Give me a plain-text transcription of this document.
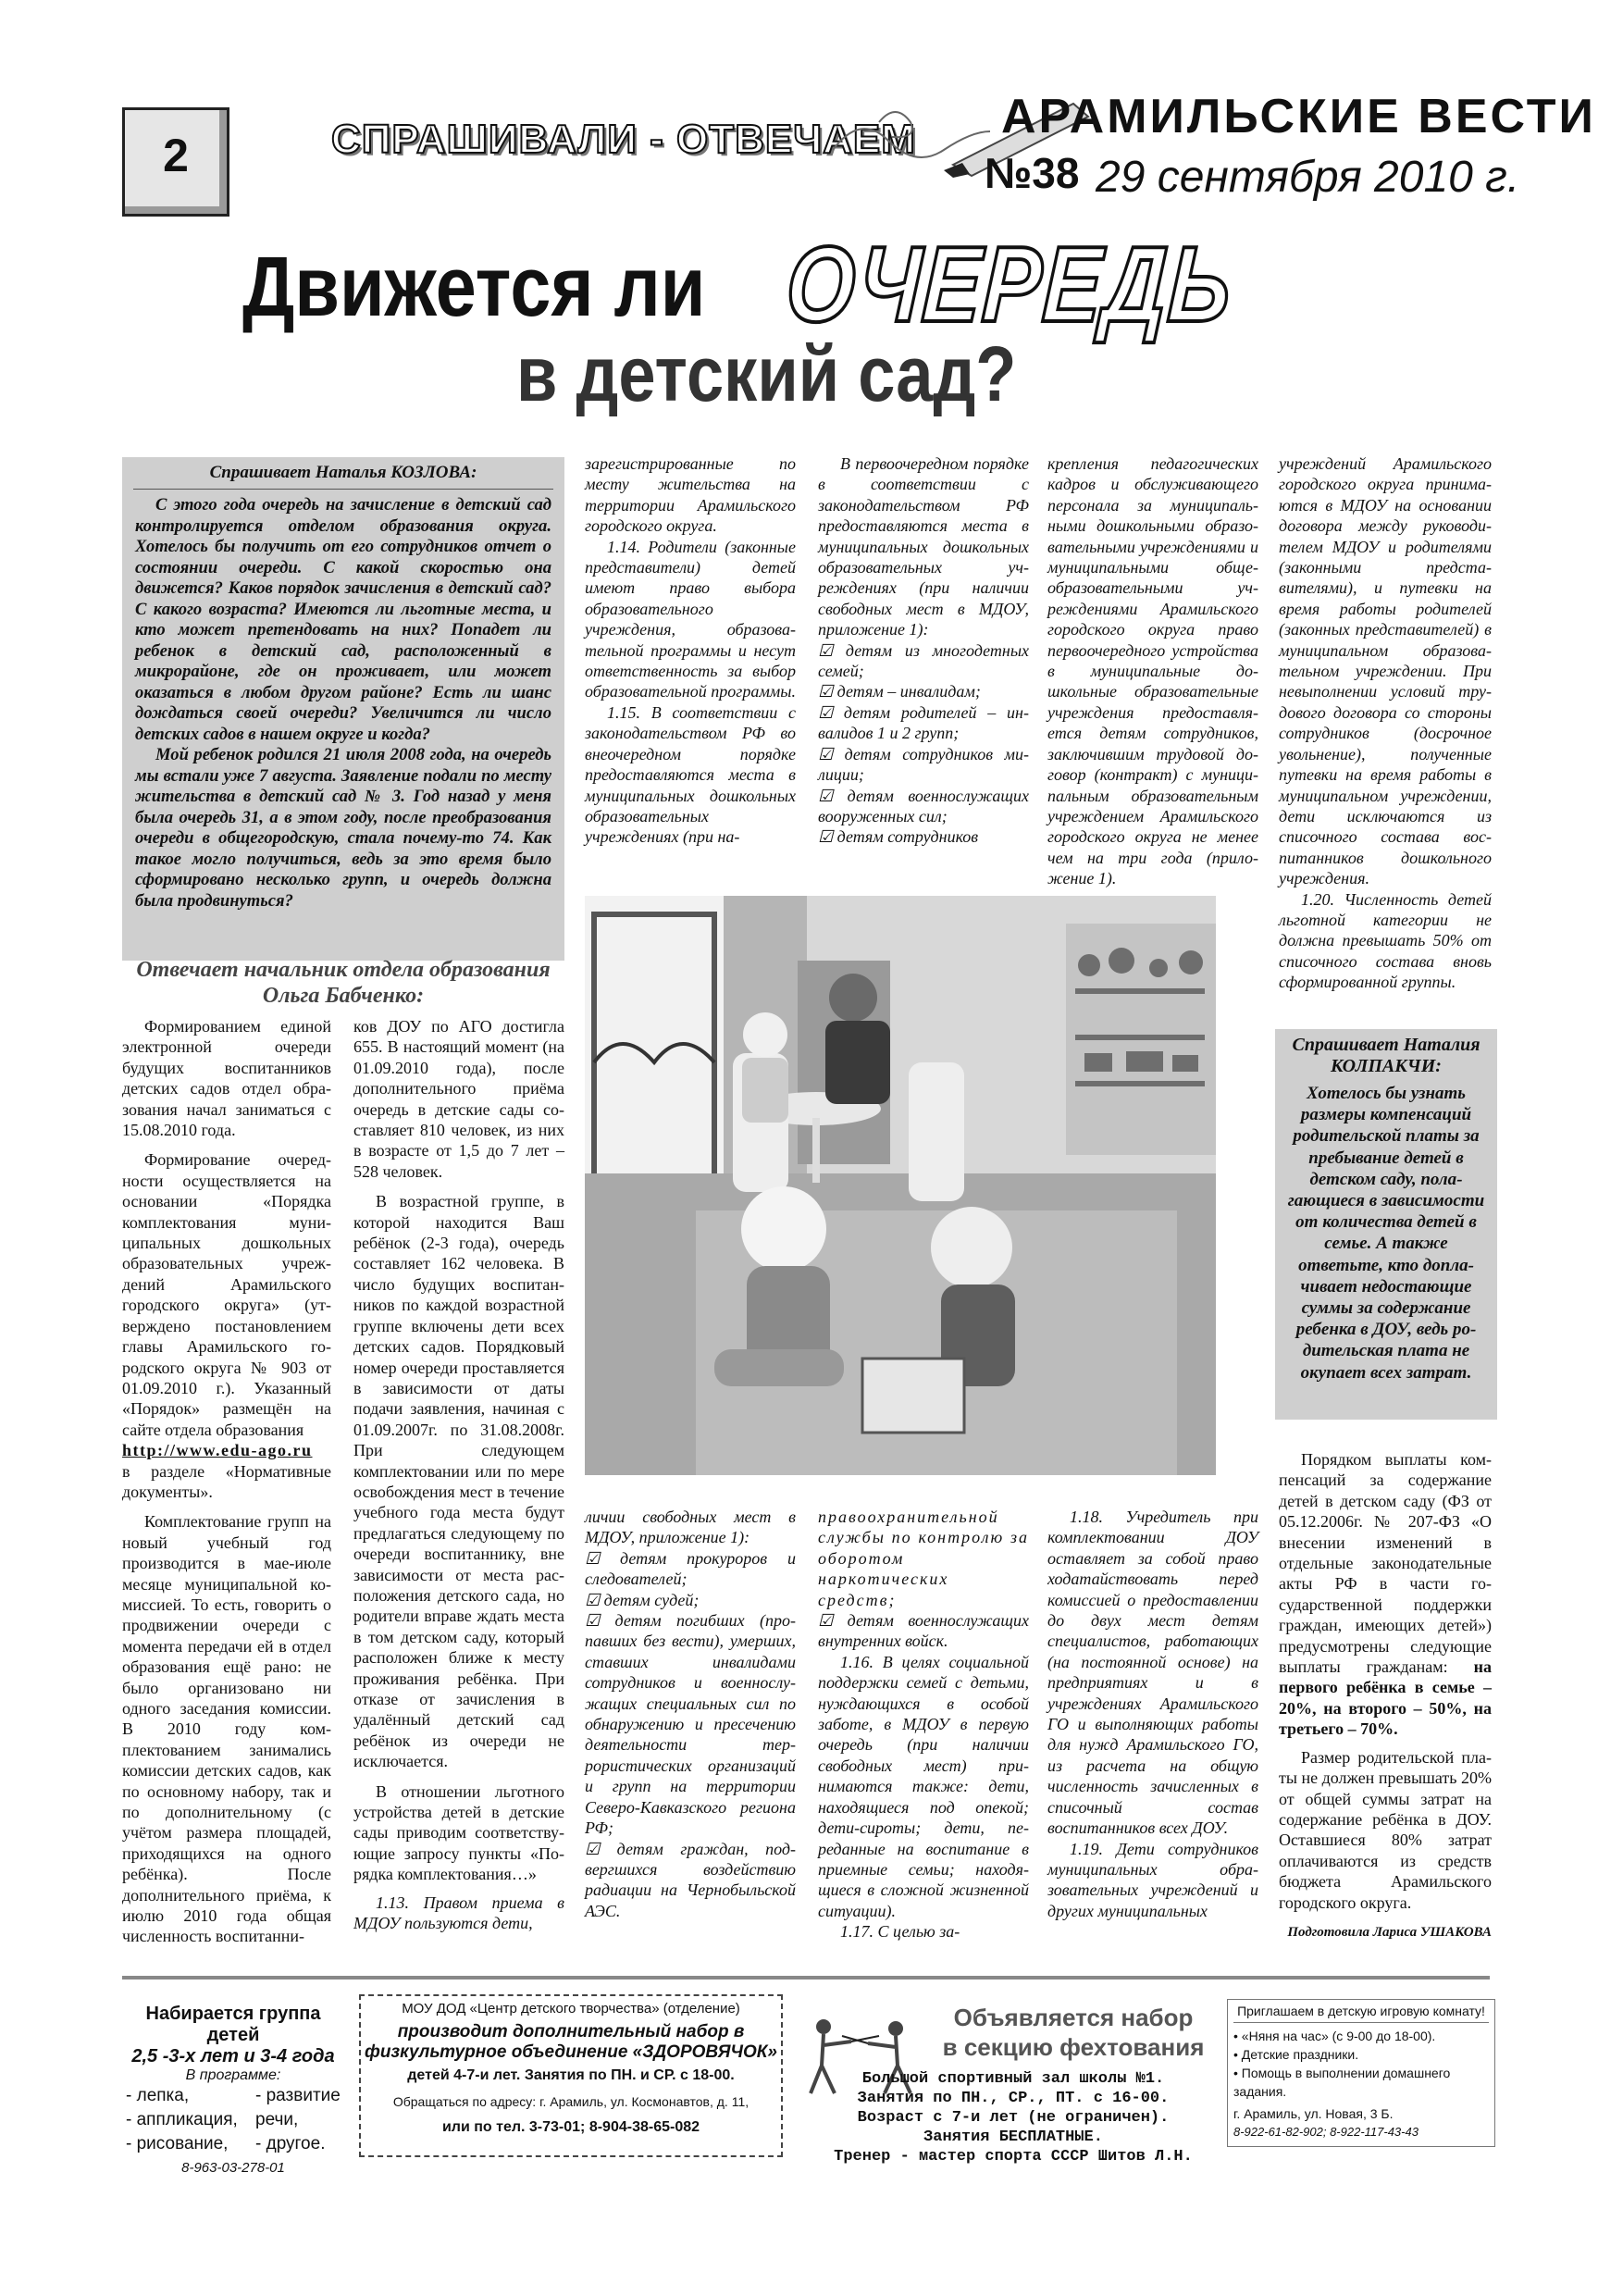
2	СПРАШИВАЛИ - ОТВЕЧАЕМ АРАМИЛЬСКИЕ ВЕСТИ
№38 29 сентября 2010 г.
Движется ли ОЧЕРЕДЬ
в детский сад?
Спрашивает Наталья КОЗЛОВА:

С этого года очередь на зачисление в детский сад контролируется отделом образования округа. Хотелось бы получить от его сотрудников отчет о состоянии очереди. С какой скоростью она движется? Каков порядок зачисления в детский сад? С какого возраста? Имеются ли льготные места, и кто может претендовать на них? Попадет ли ребенок в детский сад, расположенный в микрорайоне, где он проживает, или может оказаться в любом другом районе? Есть ли шанс дождаться своей очереди? Увеличится ли число детских садов в нашем округе и когда?

Мой ребенок родился 21 июля 2008 года, на очередь мы встали уже 7 августа. Заявление подали по месту жительства в детский сад № 3. Год назад у меня была очередь 31, а в этом году, после преобразования очереди в общегородскую, стала почему-то 74. Как такое могло получиться, ведь за это время было сформировано несколько групп, и очередь должна была продвинуться?

Отвечает начальник отдела образования Ольга Бабченко:

Формированием единой электронной очереди будущих воспитанников детских садов отдел образования начал заниматься с 15.08.2010 года.

Формирование очередности осуществляется на основании «Порядка комплектования муниципальных дошкольных образовательных учреждений Арамильского городского округа» (утверждено постановлением главы Арамильского городского округа № 903 от 01.09.2010 г.). Указанный «Порядок» размещён на сайте отдела образования

http://www.edu-ago.ru

в разделе «Нормативные документы».

Комплектование групп на новый учебный год производится в мае-июле месяце муниципальной комиссией. То есть, говорить о продвижении очереди с момента передачи ей в отдел образования ещё рано: не было организовано ни одного заседания комиссии. В 2010 году комплектованием занимались комиссии детских садов, как по основному набору, так и по дополнительному (с учётом размера площадей, приходящихся на одного ребёнка). После дополнительного приёма, к июлю 2010 года общая численность воспитанни-

ков ДОУ по АГО достигла 655. В настоящий момент (на 01.09.2010 года), после дополнительного приёма очередь в детские сады составляет 810 человек, из них в возрасте от 1,5 до 7 лет – 528 человек.

В возрастной группе, в которой находится Ваш ребёнок (2-3 года), очередь составляет 162 человека. В число будущих воспитанников по каждой возрастной группе включены дети всех детских садов. Порядковый номер очереди проставляется в зависимости от даты подачи заявления, начиная с 01.09.2007г. по 31.08.2008г. При следующем комплектовании или по мере освобождения мест в течение учебного года места будут предлагаться следующему по очереди воспитаннику, вне зависимости от места расположения детского сада, но родители вправе ждать места в том детском саду, который расположен ближе к месту проживания ребёнка. При отказе от зачисления в удалённый детский сад ребёнок из очереди не исключается.

В отношении льготного устройства детей в детские сады приводим соответствующие запросу пункты «Порядка комплектования…»

1.13. Правом приема в МДОУ пользуются дети,

зарегистрированные по месту жительства на территории Арамильского городского округа.

1.14. Родители (законные представители) детей имеют право выбора образовательного учреждения, образовательной программы и несут ответственность за выбор образовательной программы.

1.15. В соответствии с законодательством РФ во внеочередном порядке предоставляются места в муниципальных дошкольных образовательных учреждениях (при на-

В первоочередном порядке в соответствии с законодательством РФ предоставляются места в муниципальных дошкольных образовательных учреждениях (при наличии свободных мест в МДОУ, приложение 1):

☑ детям из многодетных семей;

☑ детям – инвалидам;

☑ детям родителей – инвалидов 1 и 2 групп;

☑ детям сотрудников милиции;

☑ детям военнослужащих вооруженных сил;

☑ детям сотрудников

крепления педагогических кадров и обслуживающего персонала за муниципальными дошкольными образовательными учреждениями и муниципальными общеобразовательными учреждениями Арамильского городского округа право первоочередного устройства в муниципальные дошкольные образовательные учреждения предоставляется детям сотрудников, заключившим трудовой договор (контракт) с муниципальным образовательным учреждением Арамильского городского округа не менее чем на три года (приложение 1).

учреждений Арамильского городского округа принимаются в МДОУ на основании договора между руководителем МДОУ и родителями (законными представителями), и путевки на время работы родителей (законных представителей) в муниципальном образовательном учреждении. При невыполнении условий трудового договора со стороны сотрудников (досрочное увольнение), полученные путевки на время работы в муниципальном учреждении, дети исключаются из списочного состава воспитанников дошкольного учреждения.

1.20. Численность детей льготной категории не должна превышать 50% от списочного состава вновь сформированной группы.

Спрашивает Наталия КОЛПАКЧИ:

Хотелось бы узнать размеры компенсаций родительской платы за пребывание детей в детском саду, полагающиеся в зависимости от количества детей в семье. А также ответьте, кто доплачивает недостающие суммы за содержание ребенка в ДОУ, ведь родительская плата не окупает всех затрат.

личии свободных мест в МДОУ, приложение 1):

☑ детям прокуроров и следователей;

☑ детям судей;

☑ детям погибших (пропавших без вести), умерших, ставших инвалидами сотрудников и военнослужащих специальных сил по обнаружению и пресечению деятельности террористических организаций и групп на территории Северо-Кавказского региона РФ;

☑ детям граждан, подвергшихся воздействию радиации на Чернобыльской АЭС.

правоохранительной службы по контролю за оборотом наркотических средств;

☑ детям военнослужащих внутренних войск.

1.16. В целях социальной поддержки семей с детьми, нуждающихся в особой заботе, в МДОУ в первую очередь (при наличии свободных мест) принимаются также: дети, находящиеся под опекой; дети-сироты; дети, переданные на воспитание в приемные семьи; находящиеся в сложной жизненной ситуации).

1.17. С целью за-

1.18. Учредитель при комплектовании ДОУ оставляет за собой право ходатайствовать перед комиссией о предоставлении до двух мест детям специалистов, работающих (на постоянной основе) на предприятиях и в учреждениях Арамильского ГО и выполняющих работы для нужд Арамильского ГО, из расчета на общую численность зачисленных в списочный состав воспитанников всех ДОУ.

1.19. Дети сотрудников муниципальных образовательных учреждений и других муниципальных

Порядком выплаты компенсаций за содержание детей в детском саду (ФЗ от 05.12.2006г. № 207-ФЗ «О внесении изменений в отдельные законодательные акты РФ в части государственной поддержки граждан, имеющих детей») предусмотрены следующие выплаты гражданам: на первого ребёнка в семье – 20%, на второго – 50%, на третьего – 70%.

Размер родительской платы не должен превышать 20% от общей суммы затрат на содержание ребёнка в ДОУ. Оставшиеся 80% затрат оплачиваются из средств бюджета Арамильского городского округа.

Подготовила Лариса УШАКОВА

Набирается группа детей
2,5 -3-х лет и 3-4 года
В программе:
- лепка,	- развитие
- аппликация,	речи,
- рисование,	- другое.
8-963-03-278-01
МОУ ДОД «Центр детского творчества» (отделение)
производит дополнительный набор в
физкультурное объединение «ЗДОРОВЯЧОК»
детей 4-7-и лет. Занятия по ПН. и СР. с 18-00.
Обращаться по адресу: г. Арамиль, ул. Космонавтов, д. 11,
или по тел. 3-73-01; 8-904-38-65-082
Объявляется набор
в секцию фехтования
Большой спортивный зал школы №1.
Занятия по ПН., СР., ПТ. с 16-00.
Возраст с 7-и лет (не ограничен).
Занятия БЕСПЛАТНЫЕ.
Тренер - мастер спорта СССР Шитов Л.Н.
Приглашаем в детскую игровую комнату!
• «Няня на час» (с 9-00 до 18-00).
• Детские праздники.
• Помощь в выполнении домашнего задания.
г. Арамиль, ул. Новая, 3 Б.
8-922-61-82-902; 8-922-117-43-43
